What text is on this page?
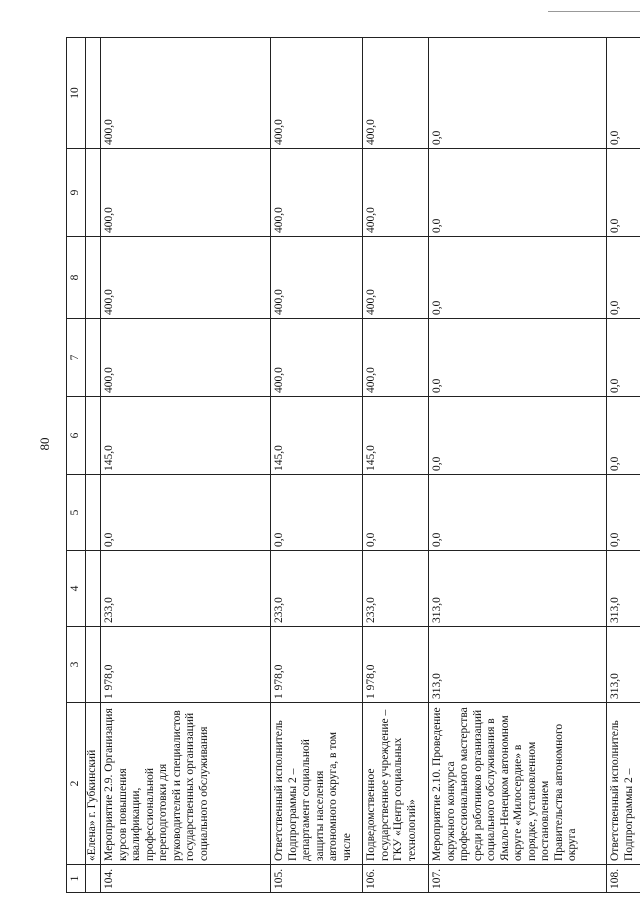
80
1	2	3	4	5	6	7	8	9	10
	«Елена» г. Губкинский								
104.	Мероприятие 2.9. Организация курсов повышения квалификации, профессиональной переподготовки для руководителей и специалистов государственных организаций социального обслуживания	1 978,0	233,0	0,0	145,0	400,0	400,0	400,0	400,0
105.	Ответственный исполнитель Подпрограммы 2 – департамент социальной защиты населения автономного округа, в том числе	1 978,0	233,0	0,0	145,0	400,0	400,0	400,0	400,0
106.	Подведомственное государственное учреждение – ГКУ «Центр социальных технологий»	1 978,0	233,0	0,0	145,0	400,0	400,0	400,0	400,0
107.	Мероприятие 2.10. Проведение окружного конкурса профессионального мастерства среди работников организаций социального обслуживания в Ямало-Ненецком автономном округе «Милосердие» в порядке, установленном постановлением Правительства автономного округа	313,0	313,0	0,0	0,0	0,0	0,0	0,0	0,0
108.	Ответственный исполнитель Подпрограммы 2 –	313,0	313,0	0,0	0,0	0,0	0,0	0,0	0,0
